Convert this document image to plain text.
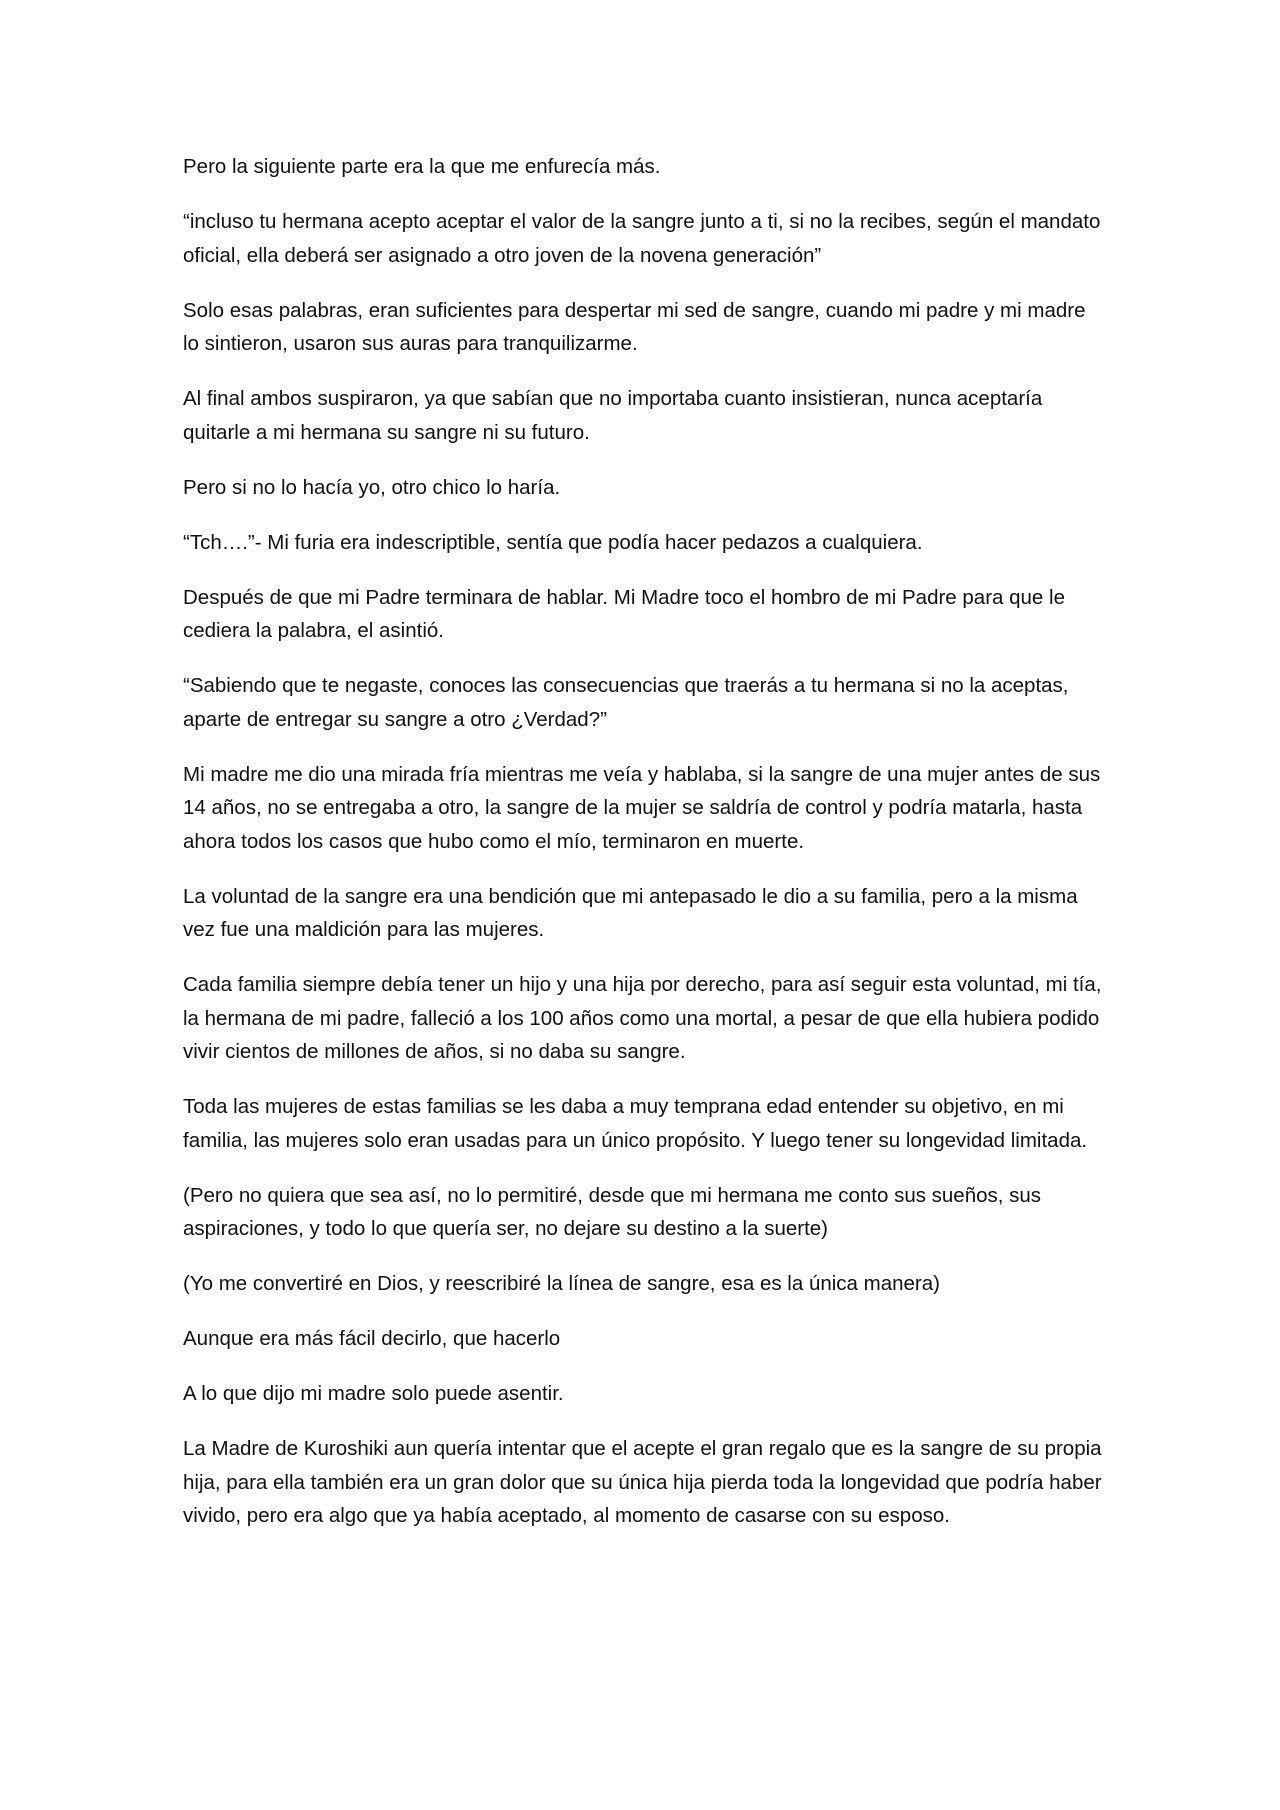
Pero la siguiente parte era la que me enfurecía más.

“incluso tu hermana acepto aceptar el valor de la sangre junto a ti, si no la recibes, según el mandato oficial, ella deberá ser asignado a otro joven de la novena generación”

Solo esas palabras, eran suficientes para despertar mi sed de sangre, cuando mi padre y mi madre lo sintieron, usaron sus auras para tranquilizarme.

Al final ambos suspiraron, ya que sabían que no importaba cuanto insistieran, nunca aceptaría quitarle a mi hermana su sangre ni su futuro.

Pero si no lo hacía yo, otro chico lo haría.

“Tch….”- Mi furia era indescriptible, sentía que podía hacer pedazos a cualquiera.

Después de que mi Padre terminara de hablar. Mi Madre toco el hombro de mi Padre para que le cediera la palabra, el asintió.

“Sabiendo que te negaste, conoces las consecuencias que traerás a tu hermana si no la aceptas, aparte de entregar su sangre a otro ¿Verdad?”

Mi madre me dio una mirada fría mientras me veía y hablaba, si la sangre de una mujer antes de sus 14 años, no se entregaba a otro, la sangre de la mujer se saldría de control y podría matarla, hasta ahora todos los casos que hubo como el mío, terminaron en muerte.

La voluntad de la sangre era una bendición que mi antepasado le dio a su familia, pero a la misma vez fue una maldición para las mujeres.

Cada familia siempre debía tener un hijo y una hija por derecho, para así seguir esta voluntad, mi tía, la hermana de mi padre, falleció a los 100 años como una mortal, a pesar de que ella hubiera podido vivir cientos de millones de años, si no daba su sangre.

Toda las mujeres de estas familias se les daba a muy temprana edad entender su objetivo, en mi familia, las mujeres solo eran usadas para un único propósito. Y luego tener su longevidad limitada.

(Pero no quiera que sea así, no lo permitiré, desde que mi hermana me conto sus sueños, sus aspiraciones, y todo lo que quería ser, no dejare su destino a la suerte)

(Yo me convertiré en Dios, y reescribiré la línea de sangre, esa es la única manera)

Aunque era más fácil decirlo, que hacerlo

A lo que dijo mi madre solo puede asentir.

La Madre de Kuroshiki aun quería intentar que el acepte el gran regalo que es la sangre de su propia hija, para ella también era un gran dolor que su única hija pierda toda la longevidad que podría haber vivido, pero era algo que ya había aceptado, al momento de casarse con su esposo.
